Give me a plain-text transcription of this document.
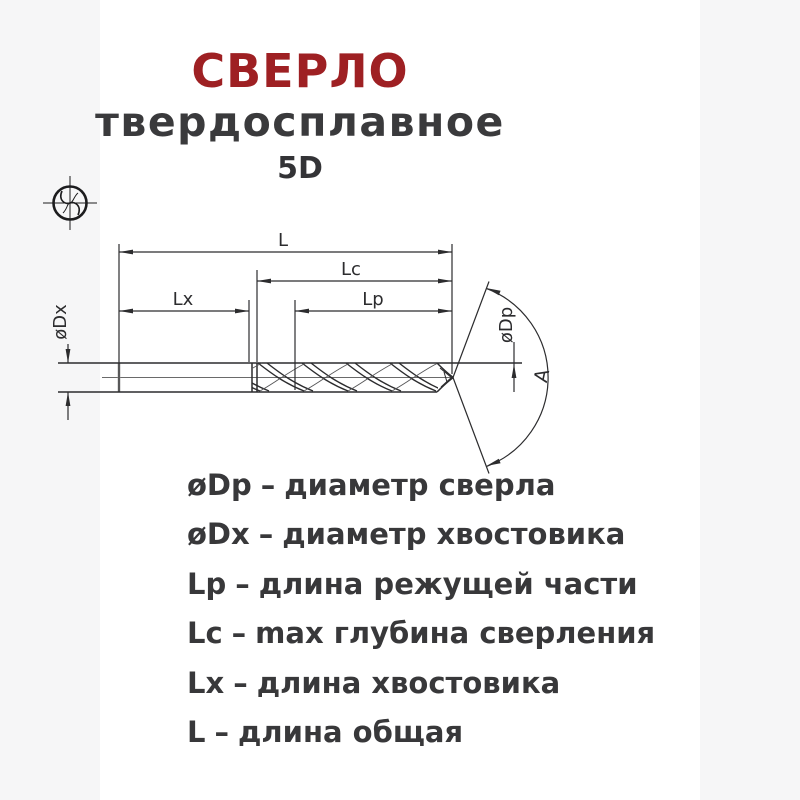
СВЕРЛО
твердосплавное
5D
L
Lc
Lx	Lp
øDx	øDp
A
øDp – диаметр сверла
øDx – диаметр хвостовика
Lp – длина режущей части
Lc – max глубина сверления
Lx – длина хвостовика
L – длина общая
